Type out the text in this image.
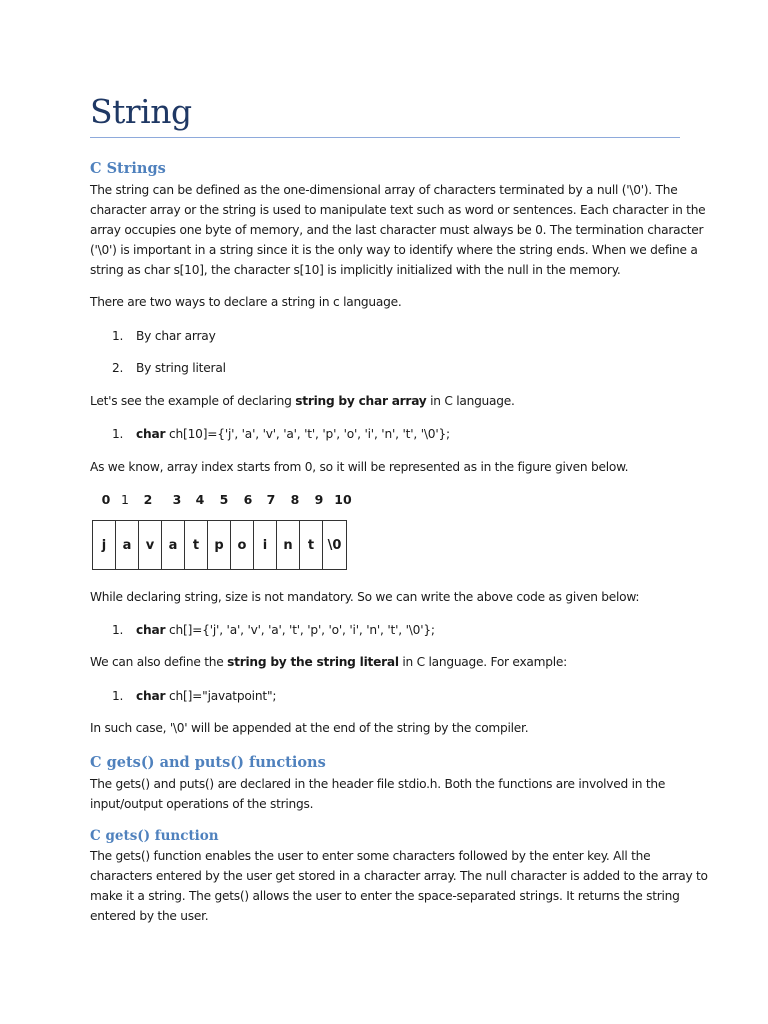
String
C Strings
The string can be defined as the one-dimensional array of characters terminated by a null ('\0'). The
character array or the string is used to manipulate text such as word or sentences. Each character in the
array occupies one byte of memory, and the last character must always be 0. The termination character
('\0') is important in a string since it is the only way to identify where the string ends. When we define a
string as char s[10], the character s[10] is implicitly initialized with the null in the memory.

There are two ways to declare a string in c language.

1. By char array

2. By string literal

Let's see the example of declaring string by char array in C language.

1. char ch[10]={'j', 'a', 'v', 'a', 't', 'p', 'o', 'i', 'n', 't', '\0'};

As we know, array index starts from 0, so it will be represented as in the figure given below.

0 1	2	3	4	5	6	7	8	9 10
j	a	v	a	t	p	o	i	n	t	\0

While declaring string, size is not mandatory. So we can write the above code as given below:

1. char ch[]={'j', 'a', 'v', 'a', 't', 'p', 'o', 'i', 'n', 't', '\0'};

We can also define the string by the string literal in C language. For example:

1. char ch[]="javatpoint";

In such case, '\0' will be appended at the end of the string by the compiler.

C gets() and puts() functions
The gets() and puts() are declared in the header file stdio.h. Both the functions are involved in the
input/output operations of the strings.
C gets() function
The gets() function enables the user to enter some characters followed by the enter key. All the
characters entered by the user get stored in a character array. The null character is added to the array to
make it a string. The gets() allows the user to enter the space-separated strings. It returns the string
entered by the user.
